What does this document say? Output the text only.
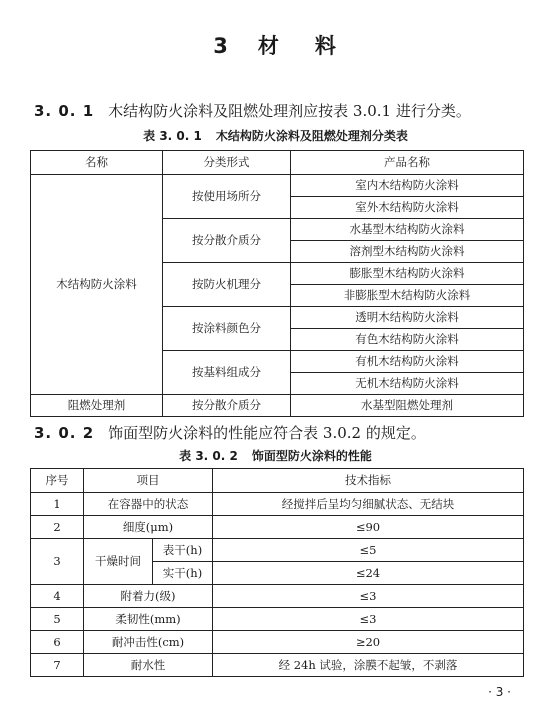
3 材 料
3. 0. 1 木结构防火涂料及阻燃处理剂应按表 3.0.1 进行分类。
表 3. 0. 1 木结构防火涂料及阻燃处理剂分类表
名称	分类形式	产品名称
木结构防火涂料	按使用场所分	室内木结构防火涂料
		室外木结构防火涂料
	按分散介质分	水基型木结构防火涂料
		溶剂型木结构防火涂料
	按防火机理分	膨胀型木结构防火涂料
		非膨胀型木结构防火涂料
	按涂料颜色分	透明木结构防火涂料
		有色木结构防火涂料
	按基料组成分	有机木结构防火涂料
		无机木结构防火涂料
阻燃处理剂	按分散介质分	水基型阻燃处理剂
3. 0. 2 饰面型防火涂料的性能应符合表 3.0.2 的规定。
表 3. 0. 2 饰面型防火涂料的性能
序号	项目		技术指标
1	在容器中的状态		经搅拌后呈均匀细腻状态、无结块
2	细度(μm)		≤90
3	干燥时间	表干(h)	≤5
		实干(h)	≤24
4	附着力(级)		≤3
5	柔韧性(mm)		≤3
6	耐冲击性(cm)		≥20
7	耐水性		经 24h 试验，涂膜不起皱，不剥落
· 3 ·
